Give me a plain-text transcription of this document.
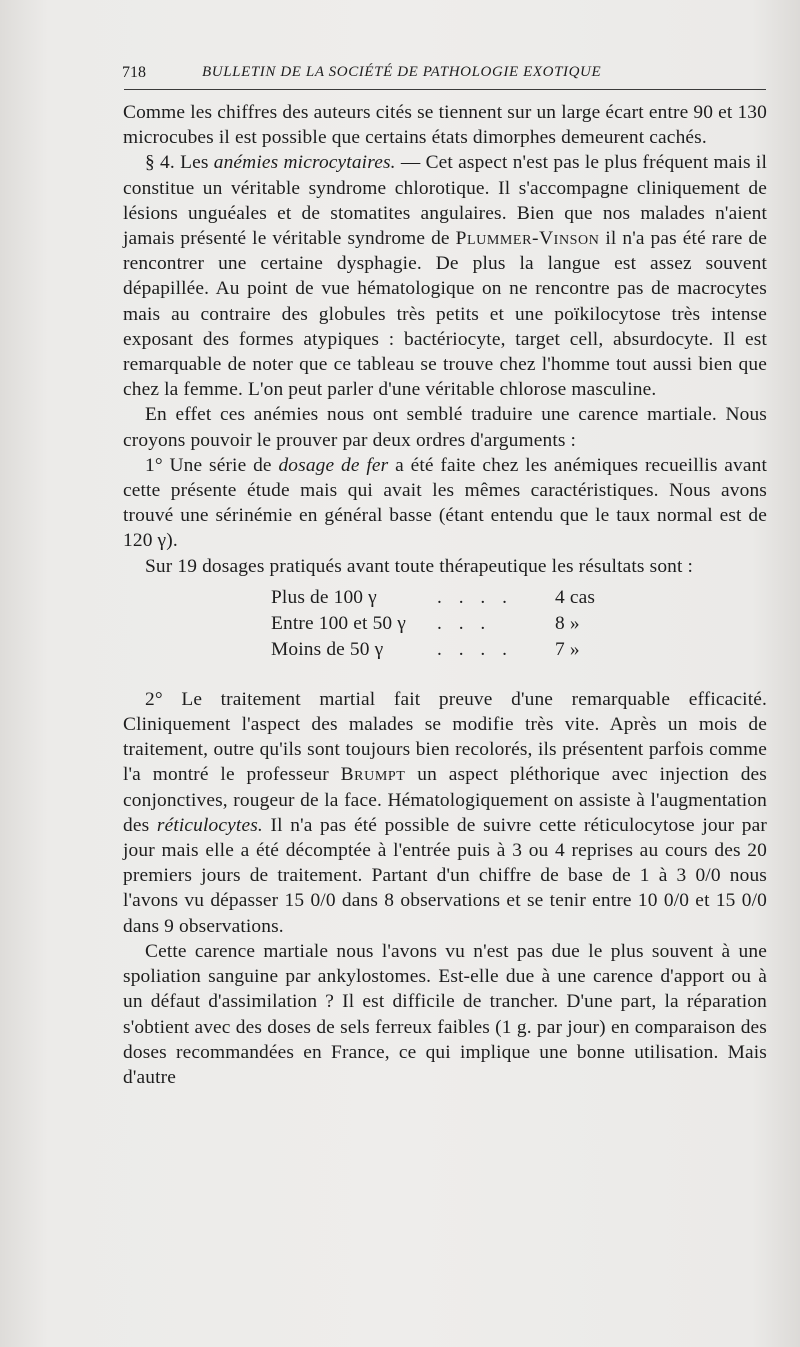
718	BULLETIN DE LA SOCIÉTÉ DE PATHOLOGIE EXOTIQUE

Comme les chiffres des auteurs cités se tiennent sur un large écart entre 90 et 130 microcubes il est possible que certains états dimorphes demeurent cachés.

§ 4. Les anémies microcytaires. — Cet aspect n'est pas le plus fréquent mais il constitue un véritable syndrome chlorotique. Il s'accompagne cliniquement de lésions unguéales et de stomatites angulaires. Bien que nos malades n'aient jamais présenté le véritable syndrome de Plummer-Vinson il n'a pas été rare de rencontrer une certaine dysphagie. De plus la langue est assez souvent dépapillée. Au point de vue hématologique on ne rencontre pas de macrocytes mais au contraire des globules très petits et une poïkilocytose très intense exposant des formes atypiques : bactériocyte, target cell, absurdocyte. Il est remarquable de noter que ce tableau se trouve chez l'homme tout aussi bien que chez la femme. L'on peut parler d'une véritable chlorose masculine.

En effet ces anémies nous ont semblé traduire une carence martiale. Nous croyons pouvoir le prouver par deux ordres d'arguments :

1° Une série de dosage de fer a été faite chez les anémiques recueillis avant cette présente étude mais qui avait les mêmes caractéristiques. Nous avons trouvé une sérinémie en général basse (étant entendu que le taux normal est de 120 γ).

Sur 19 dosages pratiqués avant toute thérapeutique les résultats sont :

Plus de 100 γ	. . . .	4 cas
Entre 100 et 50 γ	. . .	8 »
Moins de 50 γ	. . . .	7 »

2° Le traitement martial fait preuve d'une remarquable efficacité. Cliniquement l'aspect des malades se modifie très vite. Après un mois de traitement, outre qu'ils sont toujours bien recolorés, ils présentent parfois comme l'a montré le professeur Brumpt un aspect pléthorique avec injection des conjonctives, rougeur de la face. Hématologiquement on assiste à l'augmentation des réticulocytes. Il n'a pas été possible de suivre cette réticulocytose jour par jour mais elle a été décomptée à l'entrée puis à 3 ou 4 reprises au cours des 20 premiers jours de traitement. Partant d'un chiffre de base de 1 à 3 0/0 nous l'avons vu dépasser 15 0/0 dans 8 observations et se tenir entre 10 0/0 et 15 0/0 dans 9 observations.

Cette carence martiale nous l'avons vu n'est pas due le plus souvent à une spoliation sanguine par ankylostomes. Est-elle due à une carence d'apport ou à un défaut d'assimilation ? Il est difficile de trancher. D'une part, la réparation s'obtient avec des doses de sels ferreux faibles (1 g. par jour) en comparaison des doses recommandées en France, ce qui implique une bonne utilisation. Mais d'autre
